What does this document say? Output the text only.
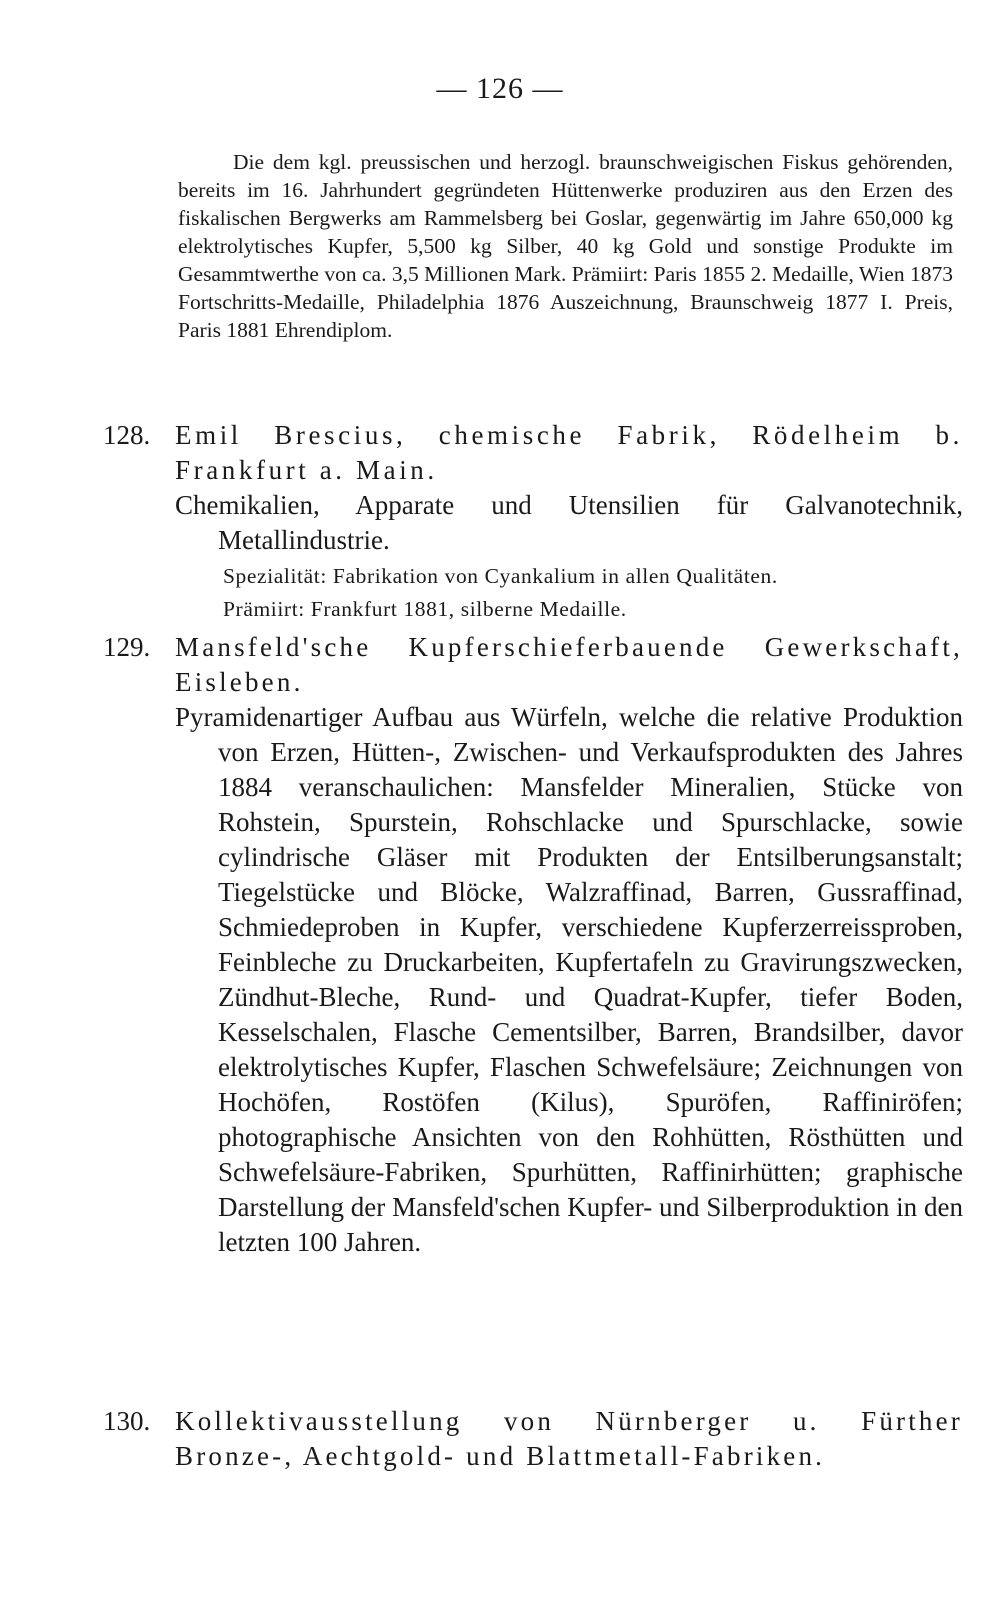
— 126 —

Die dem kgl. preussischen und herzogl. braunschweigischen Fiskus gehörenden, bereits im 16. Jahrhundert gegründeten Hüttenwerke produziren aus den Erzen des fiskalischen Bergwerks am Rammelsberg bei Goslar, gegenwärtig im Jahre 650,000 kg elektrolytisches Kupfer, 5,500 kg Silber, 40 kg Gold und sonstige Produkte im Gesammtwerthe von ca. 3,5 Millionen Mark. Prämiirt: Paris 1855 2. Medaille, Wien 1873 Fortschritts-Medaille, Philadelphia 1876 Auszeichnung, Braunschweig 1877 I. Preis, Paris 1881 Ehrendiplom.

128. Emil Brescius, chemische Fabrik, Rödelheim b. Frankfurt a. Main.
Chemikalien, Apparate und Utensilien für Galvanotechnik, Metallindustrie.
Spezialität: Fabrikation von Cyankalium in allen Qualitäten.
Prämiirt: Frankfurt 1881, silberne Medaille.
129. Mansfeld'sche Kupferschieferbauende Gewerkschaft, Eisleben.
Pyramidenartiger Aufbau aus Würfeln, welche die relative Produktion von Erzen, Hütten-, Zwischen- und Verkaufsprodukten des Jahres 1884 veranschaulichen: Mansfelder Mineralien, Stücke von Rohstein, Spurstein, Rohschlacke und Spurschlacke, sowie cylindrische Gläser mit Produkten der Entsilberungsanstalt; Tiegelstücke und Blöcke, Walzraffinad, Barren, Gussraffinad, Schmiedeproben in Kupfer, verschiedene Kupferzerreissproben, Feinbleche zu Druckarbeiten, Kupfertafeln zu Gravirungszwecken, Zündhut-Bleche, Rund- und Quadrat-Kupfer, tiefer Boden, Kesselschalen, Flasche Cementsilber, Barren, Brandsilber, davor elektrolytisches Kupfer, Flaschen Schwefelsäure; Zeichnungen von Hochöfen, Rostöfen (Kilus), Spuröfen, Raffiniröfen; photographische Ansichten von den Rohhütten, Rösthütten und Schwefelsäure-Fabriken, Spurhütten, Raffinirhütten; graphische Darstellung der Mansfeld'schen Kupfer- und Silberproduktion in den letzten 100 Jahren.
130. Kollektivausstellung von Nürnberger u. Fürther Bronze-, Aechtgold- und Blattmetall-Fabriken.
